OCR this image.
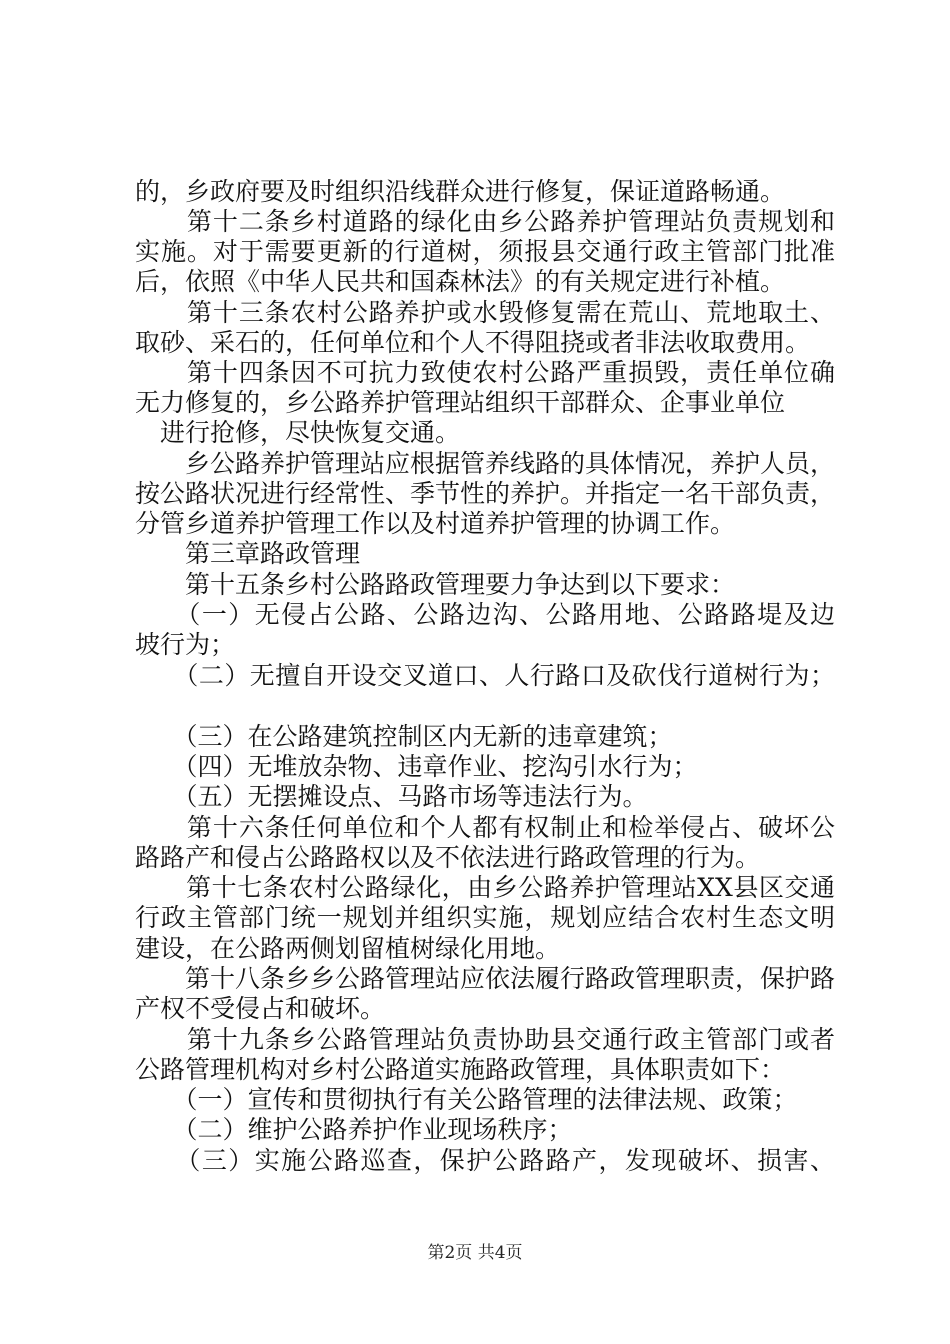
的，乡政府要及时组织沿线群众进行修复，保证道路畅通。
　　第十二条乡村道路的绿化由乡公路养护管理站负责规划和
实施。对于需要更新的行道树，须报县交通行政主管部门批准
后，依照《中华人民共和国森林法》的有关规定进行补植。
　　第十三条农村公路养护或水毁修复需在荒山、荒地取土、
取砂、采石的，任何单位和个人不得阻挠或者非法收取费用。
　　第十四条因不可抗力致使农村公路严重损毁，责任单位确
无力修复的，乡公路养护管理站组织干部群众、企事业单位
　进行抢修，尽快恢复交通。
　　乡公路养护管理站应根据管养线路的具体情况，养护人员，
按公路状况进行经常性、季节性的养护。并指定一名干部负责，
分管乡道养护管理工作以及村道养护管理的协调工作。
　　第三章路政管理
　　第十五条乡村公路路政管理要力争达到以下要求：
　　（一）无侵占公路、公路边沟、公路用地、公路路堤及边
坡行为；
　　（二）无擅自开设交叉道口、人行路口及砍伐行道树行为；
　　（三）在公路建筑控制区内无新的违章建筑；
　　（四）无堆放杂物、违章作业、挖沟引水行为；
　　（五）无摆摊设点、马路市场等违法行为。
　　第十六条任何单位和个人都有权制止和检举侵占、破坏公
路路产和侵占公路路权以及不依法进行路政管理的行为。
　　第十七条农村公路绿化，由乡公路养护管理站XX县区交通
行政主管部门统一规划并组织实施，规划应结合农村生态文明
建设，在公路两侧划留植树绿化用地。
　　第十八条乡乡公路管理站应依法履行路政管理职责，保护路
产权不受侵占和破坏。
　　第十九条乡公路管理站负责协助县交通行政主管部门或者
公路管理机构对乡村公路道实施路政管理，具体职责如下：
　　（一）宣传和贯彻执行有关公路管理的法律法规、政策；
　　（二）维护公路养护作业现场秩序；
　　（三）实施公路巡查，保护公路路产，发现破坏、损害、
第2页 共4页
